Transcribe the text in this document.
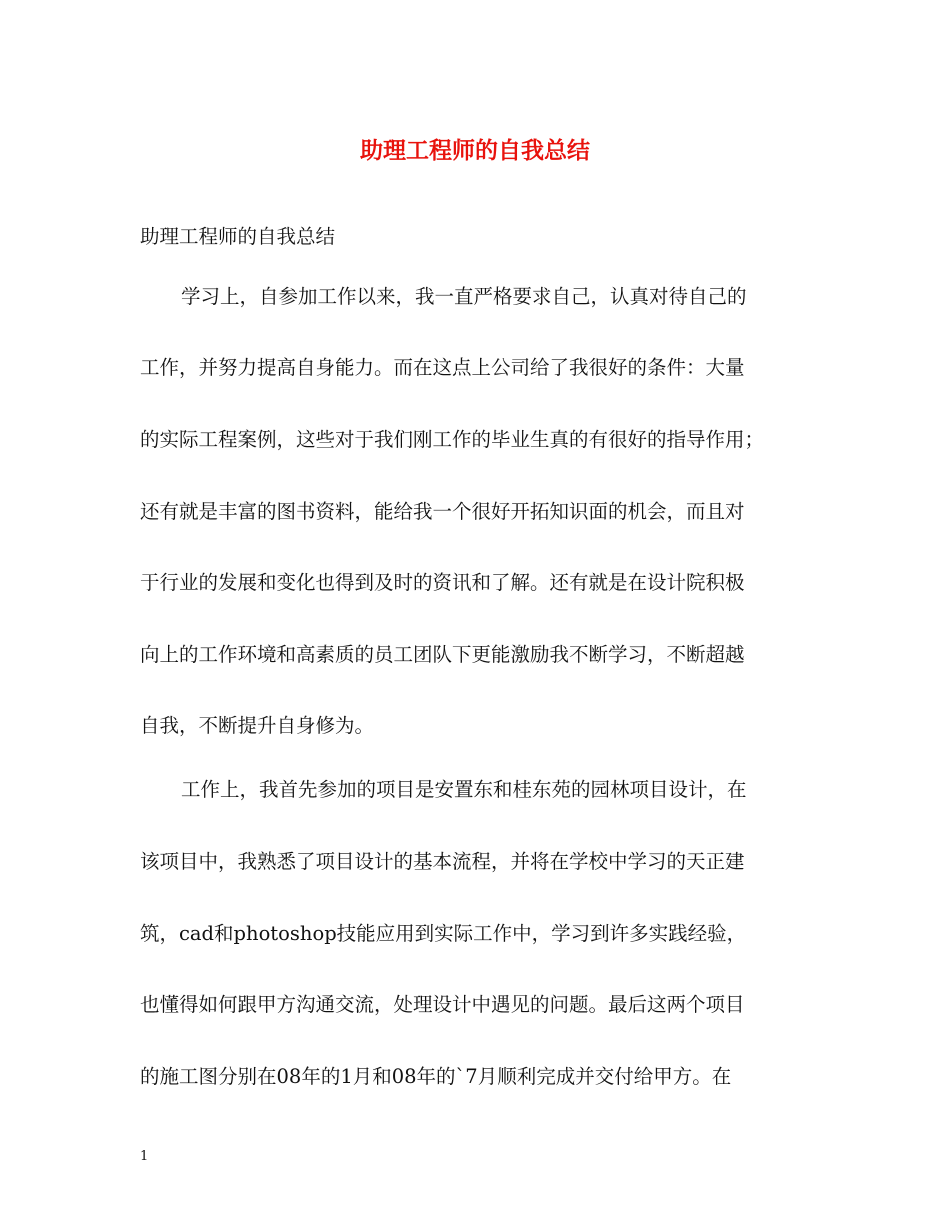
助理工程师的自我总结
助理工程师的自我总结
学习上，自参加工作以来，我一直严格要求自己，认真对待自己的
工作，并努力提高自身能力。而在这点上公司给了我很好的条件：大量
的实际工程案例，这些对于我们刚工作的毕业生真的有很好的指导作用；
还有就是丰富的图书资料，能给我一个很好开拓知识面的机会，而且对
于行业的发展和变化也得到及时的资讯和了解。还有就是在设计院积极
向上的工作环境和高素质的员工团队下更能激励我不断学习，不断超越
自我，不断提升自身修为。
工作上，我首先参加的项目是安置东和桂东苑的园林项目设计，在
该项目中，我熟悉了项目设计的基本流程，并将在学校中学习的天正建
筑，cad和photoshop技能应用到实际工作中，学习到许多实践经验，
也懂得如何跟甲方沟通交流，处理设计中遇见的问题。最后这两个项目
的施工图分别在08年的1月和08年的`7月顺利完成并交付给甲方。在
1
